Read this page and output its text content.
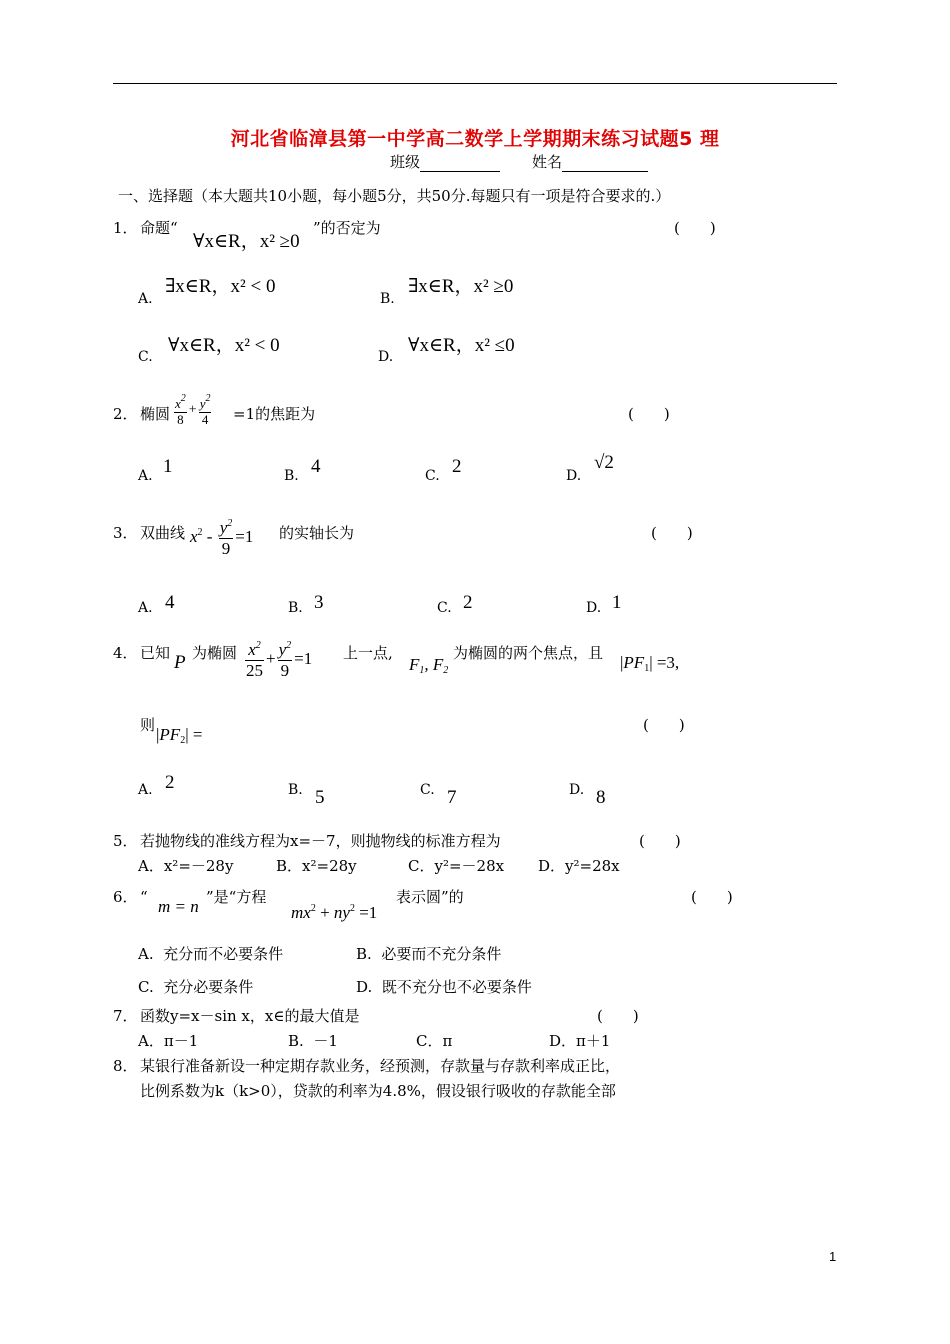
河北省临漳县第一中学高二数学上学期期末练习试题5 理
班级	姓名
一、选择题（本大题共10小题，每小题5分，共50分.每题只有一项是符合要求的.）
1． 命题“
∀x∈R，x² ≥0
”的否定为	(　　)
A.
∃x∈R，x² < 0
B.
∃x∈R，x² ≥0
C.
∀x∈R，x² < 0
D.
∀x∈R，x² ≤0
2． 椭圆 $\frac{x^2}{8} + \frac{y^2}{4} =1$的焦距为	(　　)
A. 1	B. 4	C. 2	D.
√2
3． 双曲线 $x^2 - \frac{y^2}{9} =1$ 的实轴长为	(　　)
A. 4	B. 3	C. 2	D. 1
4． 已知 P 为椭圆 $\frac{x^2}{25} + \frac{y^2}{9} =1$ 上一点,
$F_1$, $F_2$
为椭圆的两个焦点，且 $|PF_1| =3$,
则 $|PF_2|$ =	(　　)
A. 2	B. 5	C. 7	D. 8
5． 若抛物线的准线方程为x=－7，则抛物线的标准方程为	(　　)
A．x²=－28y	B．x²=28y	C．y²=－28x D．y²=28x
6． “ m = n ”是“方程
$mx^2 + ny^2 =1$
表示圆”的	(　　)
A. 充分而不必要条件	B. 必要而不充分条件
C. 充分必要条件	D. 既不充分也不必要条件
7． 函数y=x－sin x，x∈的最大值是	(　　)
A．π－1	B. －1	C．π	D．π＋1
8． 某银行准备新设一种定期存款业务，经预测，存款量与存款利率成正比，
比例系数为k（k>0），贷款的利率为4.8%，假设银行吸收的存款能全部
1
